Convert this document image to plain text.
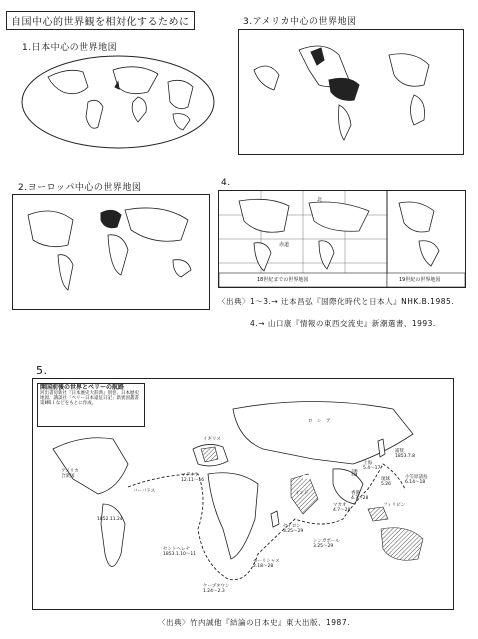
自国中心的世界観を相対化するために
1.日本中心の世界地図
3.アメリカ中心の世界地図
2.ヨーロッパ中心の世界地図	4.
北
赤道
18世紀までの世界地図	19世紀の世界地図
〈出典〉1〜3.→ 辻本昌弘『国際化時代と日本人』NHK.B.1985.
4.→ 山口康『情報の東西交流史』新潮選書、1993.
5.
開国前後の世界とペリーの航路
河出書房新社『日本歴史大辞典』別巻、日本歴史地図、講談社「ペリー日本遠征日記」新異国叢書第Ⅱ輯１などをもとに作成。
ロ　シ　ア
アメリカ合衆国
1852.11.24
イギリス
マデイラ
12.11〜16
バーバドス
清
インド
セイロン
3.25〜29
シンガポール
3.25〜29
セントヘレナ
1853.1.10〜11
モーリシャス
2.18〜28
ケープタウン
1.24〜2.3
浦賀
1853.7.8
小笠原諸島
6.14〜18
琉球
5.26
上海
5.4〜17
香港
4.7〜28
マカオ
4.7〜28
フィリピン
〈出典〉竹内誠他『結論の日本史』東大出版、1987.
